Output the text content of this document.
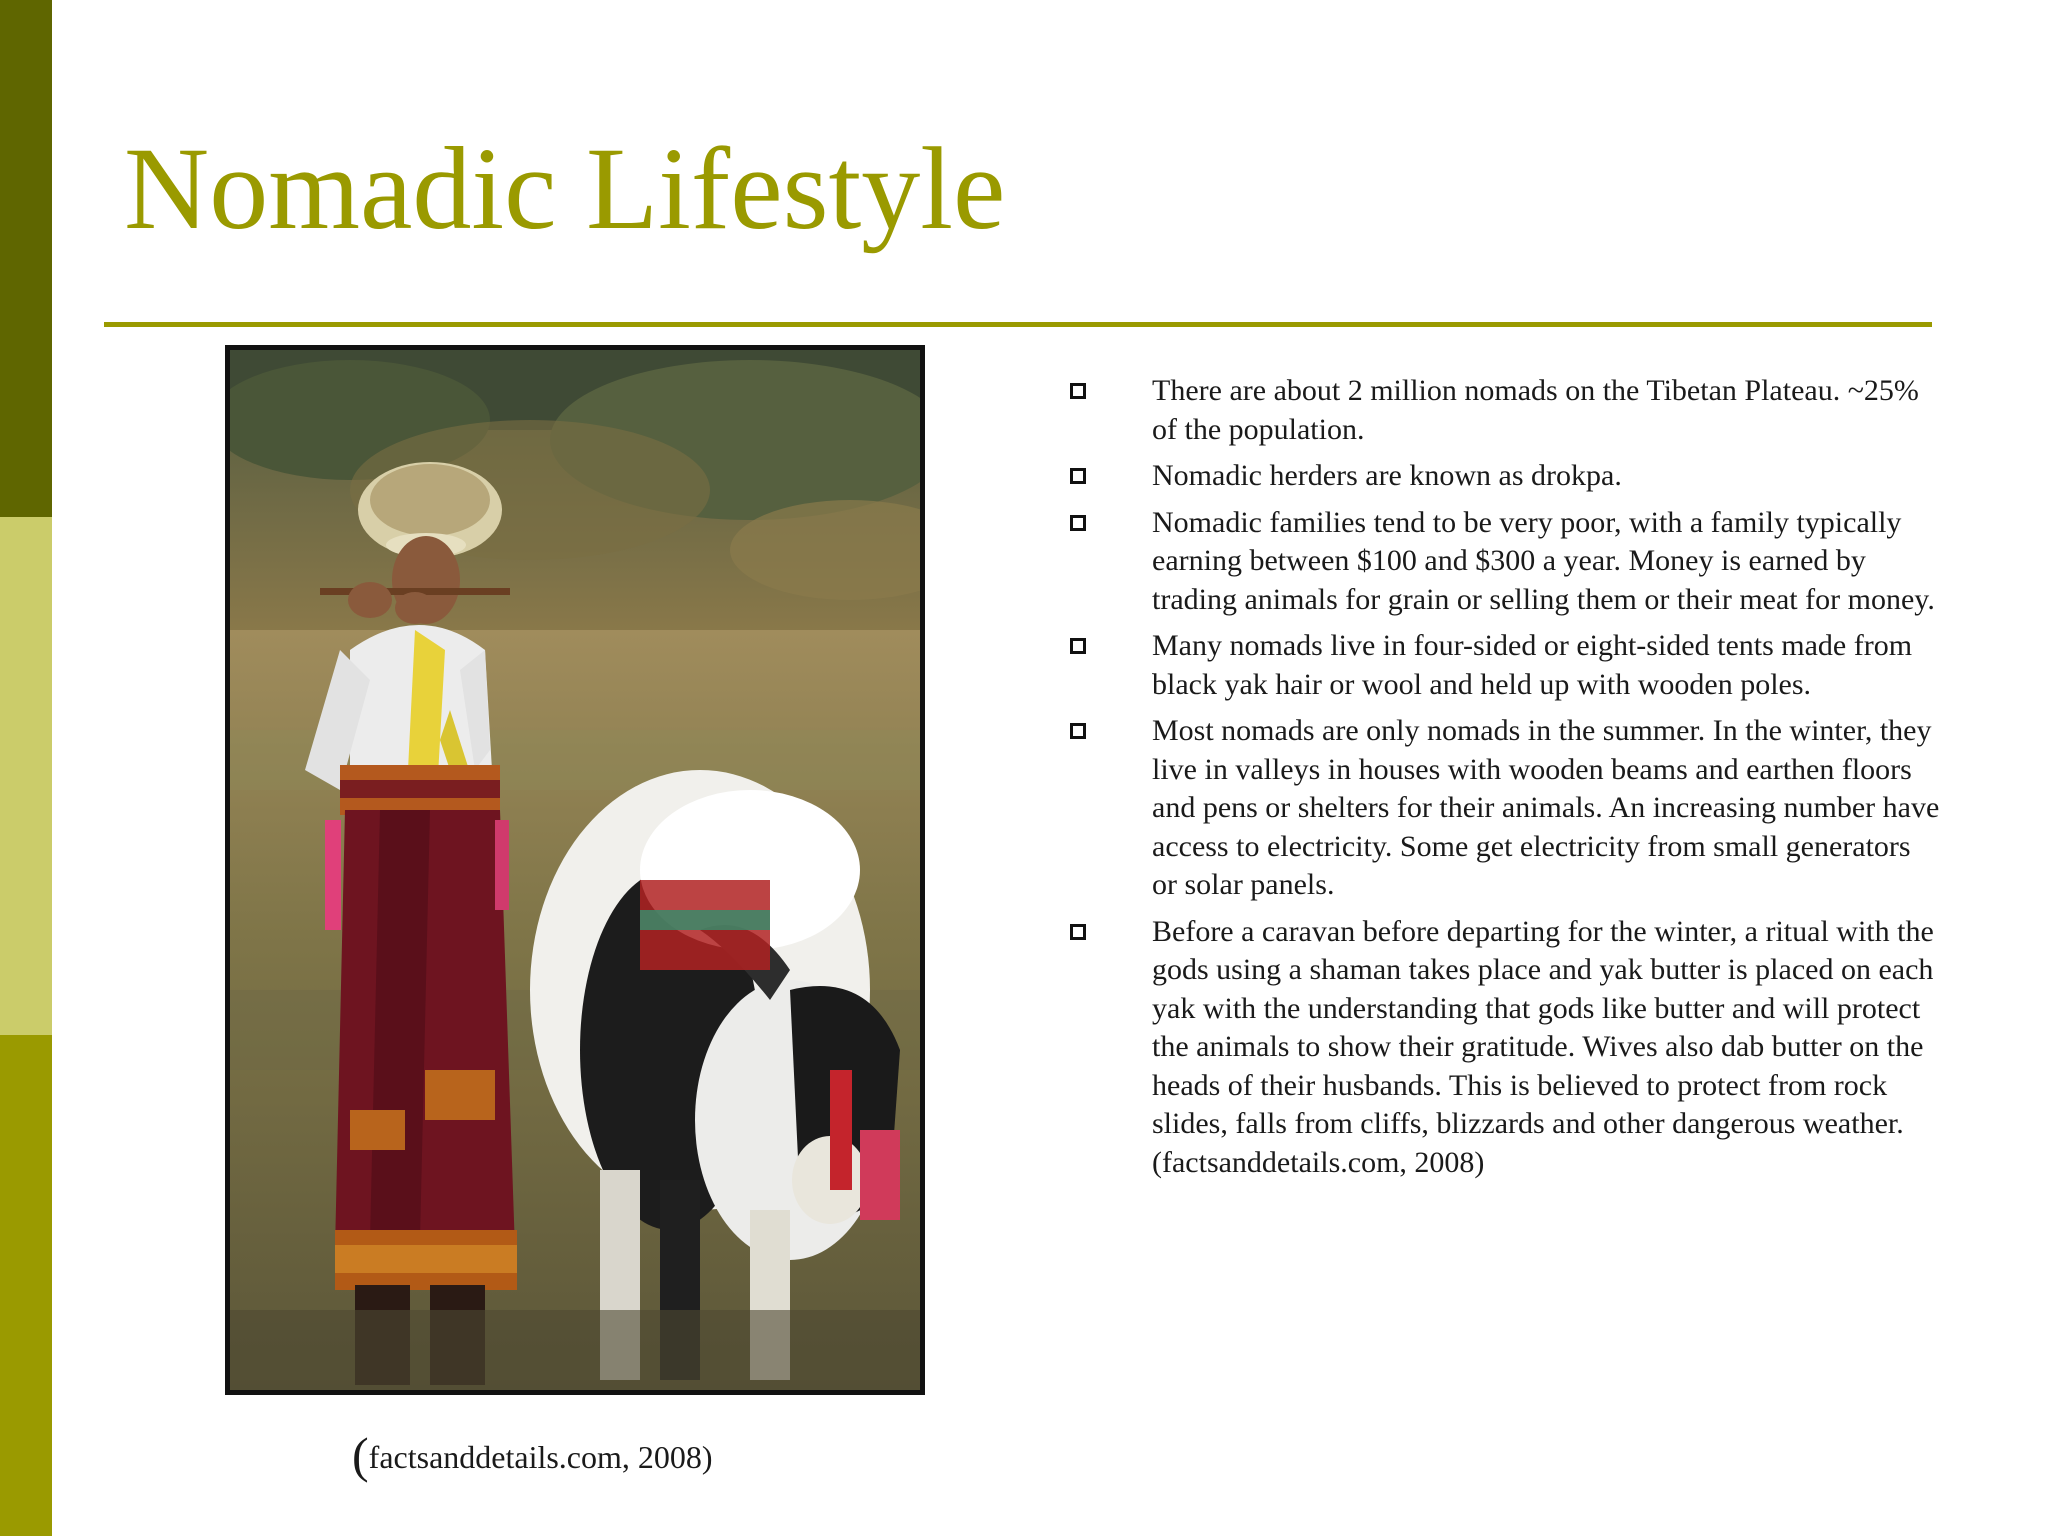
Nomadic Lifestyle
(factsanddetails.com, 2008)
There are about 2 million nomads on the Tibetan Plateau. ~25% of the population.
Nomadic herders are known as drokpa.
Nomadic families tend to be very poor, with a family typically earning between $100 and $300 a year. Money is earned by trading animals for grain or selling them or their meat for money.
Many nomads live in four-sided or eight-sided tents made from black yak hair or wool and held up with wooden poles.
Most nomads are only nomads in the summer. In the winter, they live in valleys in houses with wooden beams and earthen floors and pens or shelters for their animals. An increasing number have access to electricity. Some get electricity from small generators or solar panels.
Before a caravan before departing for the winter, a ritual with the gods using a shaman takes place and yak butter is placed on each yak with the understanding that gods like butter and will protect the animals to show their gratitude. Wives also dab butter on the heads of their husbands. This is believed to protect from rock slides, falls from cliffs, blizzards and other dangerous weather. (factsanddetails.com, 2008)
